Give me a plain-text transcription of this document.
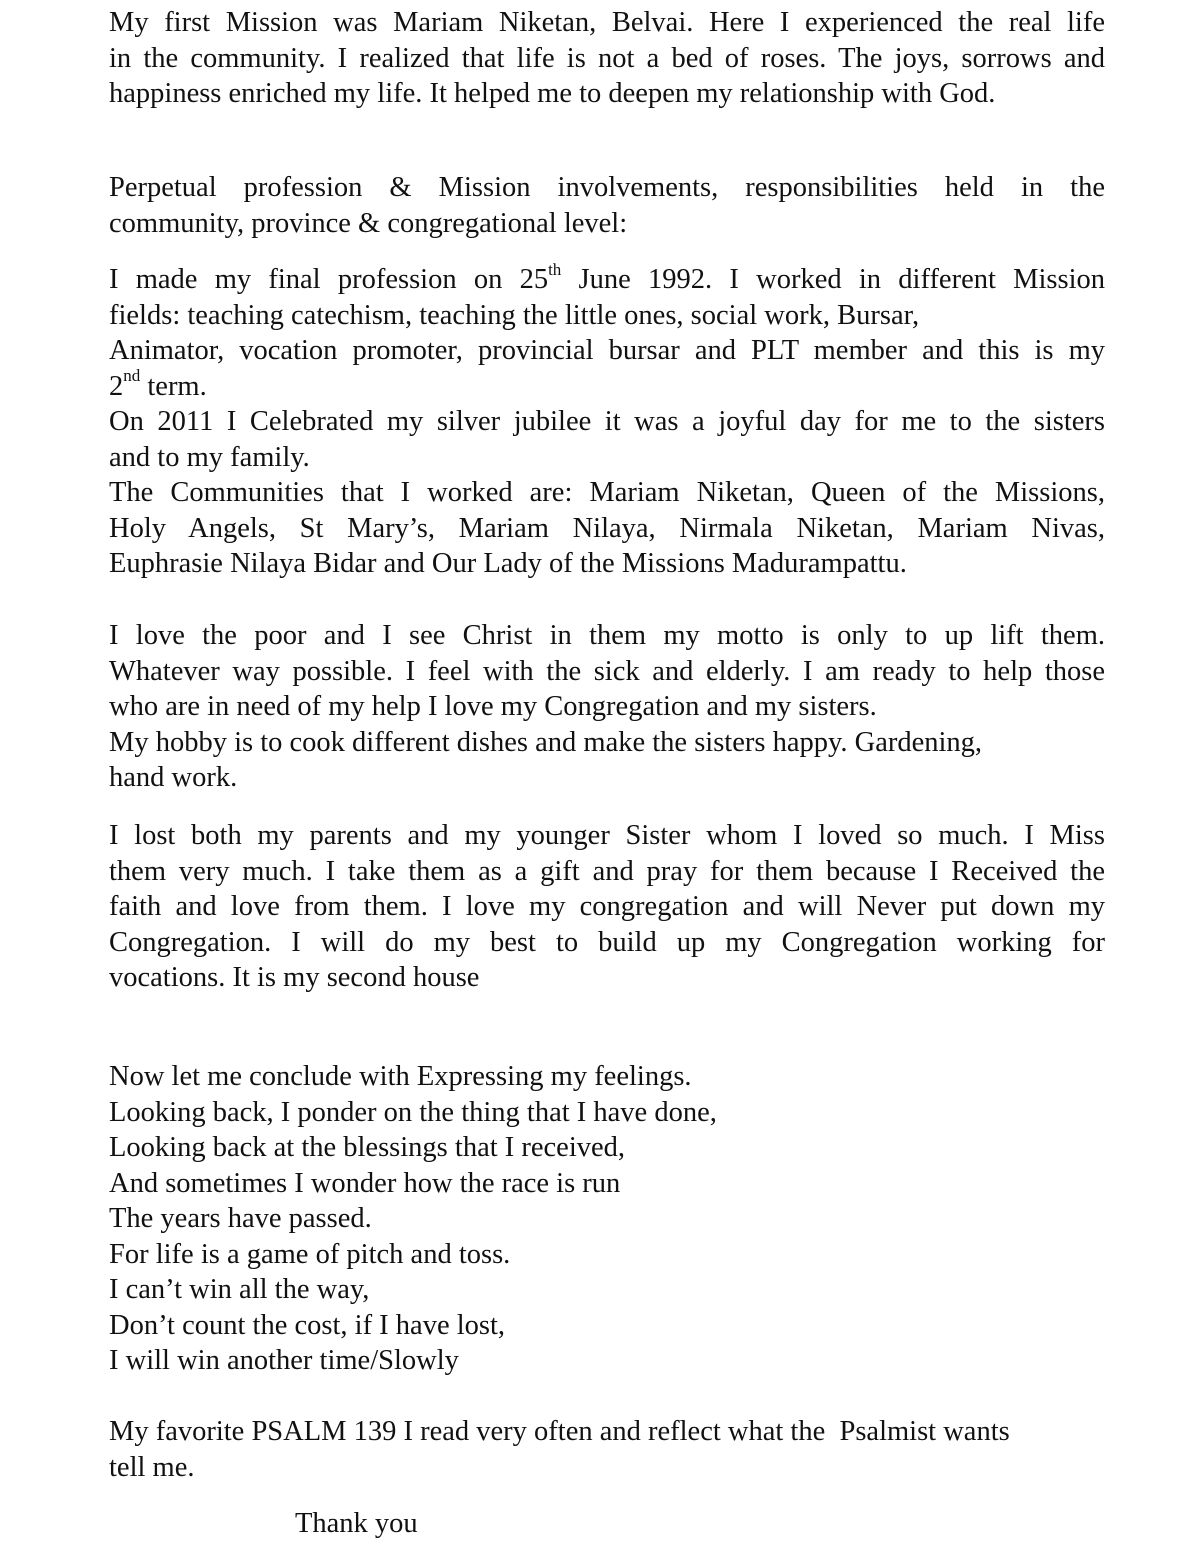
My first Mission was Mariam Niketan, Belvai. Here I experienced the real life
in the community. I realized that life is not a bed of roses. The joys, sorrows and
happiness enriched my life. It helped me to deepen my relationship with God.
Perpetual profession & Mission involvements, responsibilities held in the
community, province & congregational level:
I made my final profession on 25th June 1992. I worked in different Mission
fields: teaching catechism, teaching the little ones, social work, Bursar,
Animator, vocation promoter, provincial bursar and PLT member and this is my
2nd term.
On 2011 I Celebrated my silver jubilee it was a joyful day for me to the sisters
and to my family.
The Communities that I worked are: Mariam Niketan, Queen of the Missions,
Holy Angels, St Mary’s, Mariam Nilaya, Nirmala Niketan, Mariam Nivas,
Euphrasie Nilaya Bidar and Our Lady of the Missions Madurampattu.
I love the poor and I see Christ in them my motto is only to up lift them.
Whatever way possible. I feel with the sick and elderly. I am ready to help those
who are in need of my help I love my Congregation and my sisters.
My hobby is to cook different dishes and make the sisters happy. Gardening,
hand work.
I lost both my parents and my younger Sister whom I loved so much. I Miss
them very much. I take them as a gift and pray for them because I Received the
faith and love from them. I love my congregation and will Never put down my
Congregation. I will do my best to build up my Congregation working for
vocations. It is my second house
Now let me conclude with Expressing my feelings.
Looking back, I ponder on the thing that I have done,
Looking back at the blessings that I received,
And sometimes I wonder how the race is run
The years have passed.
For life is a game of pitch and toss.
I can’t win all the way,
Don’t count the cost, if I have lost,
I will win another time/Slowly
My favorite PSALM 139 I read very often and reflect what the  Psalmist wants
tell me.
Thank you
